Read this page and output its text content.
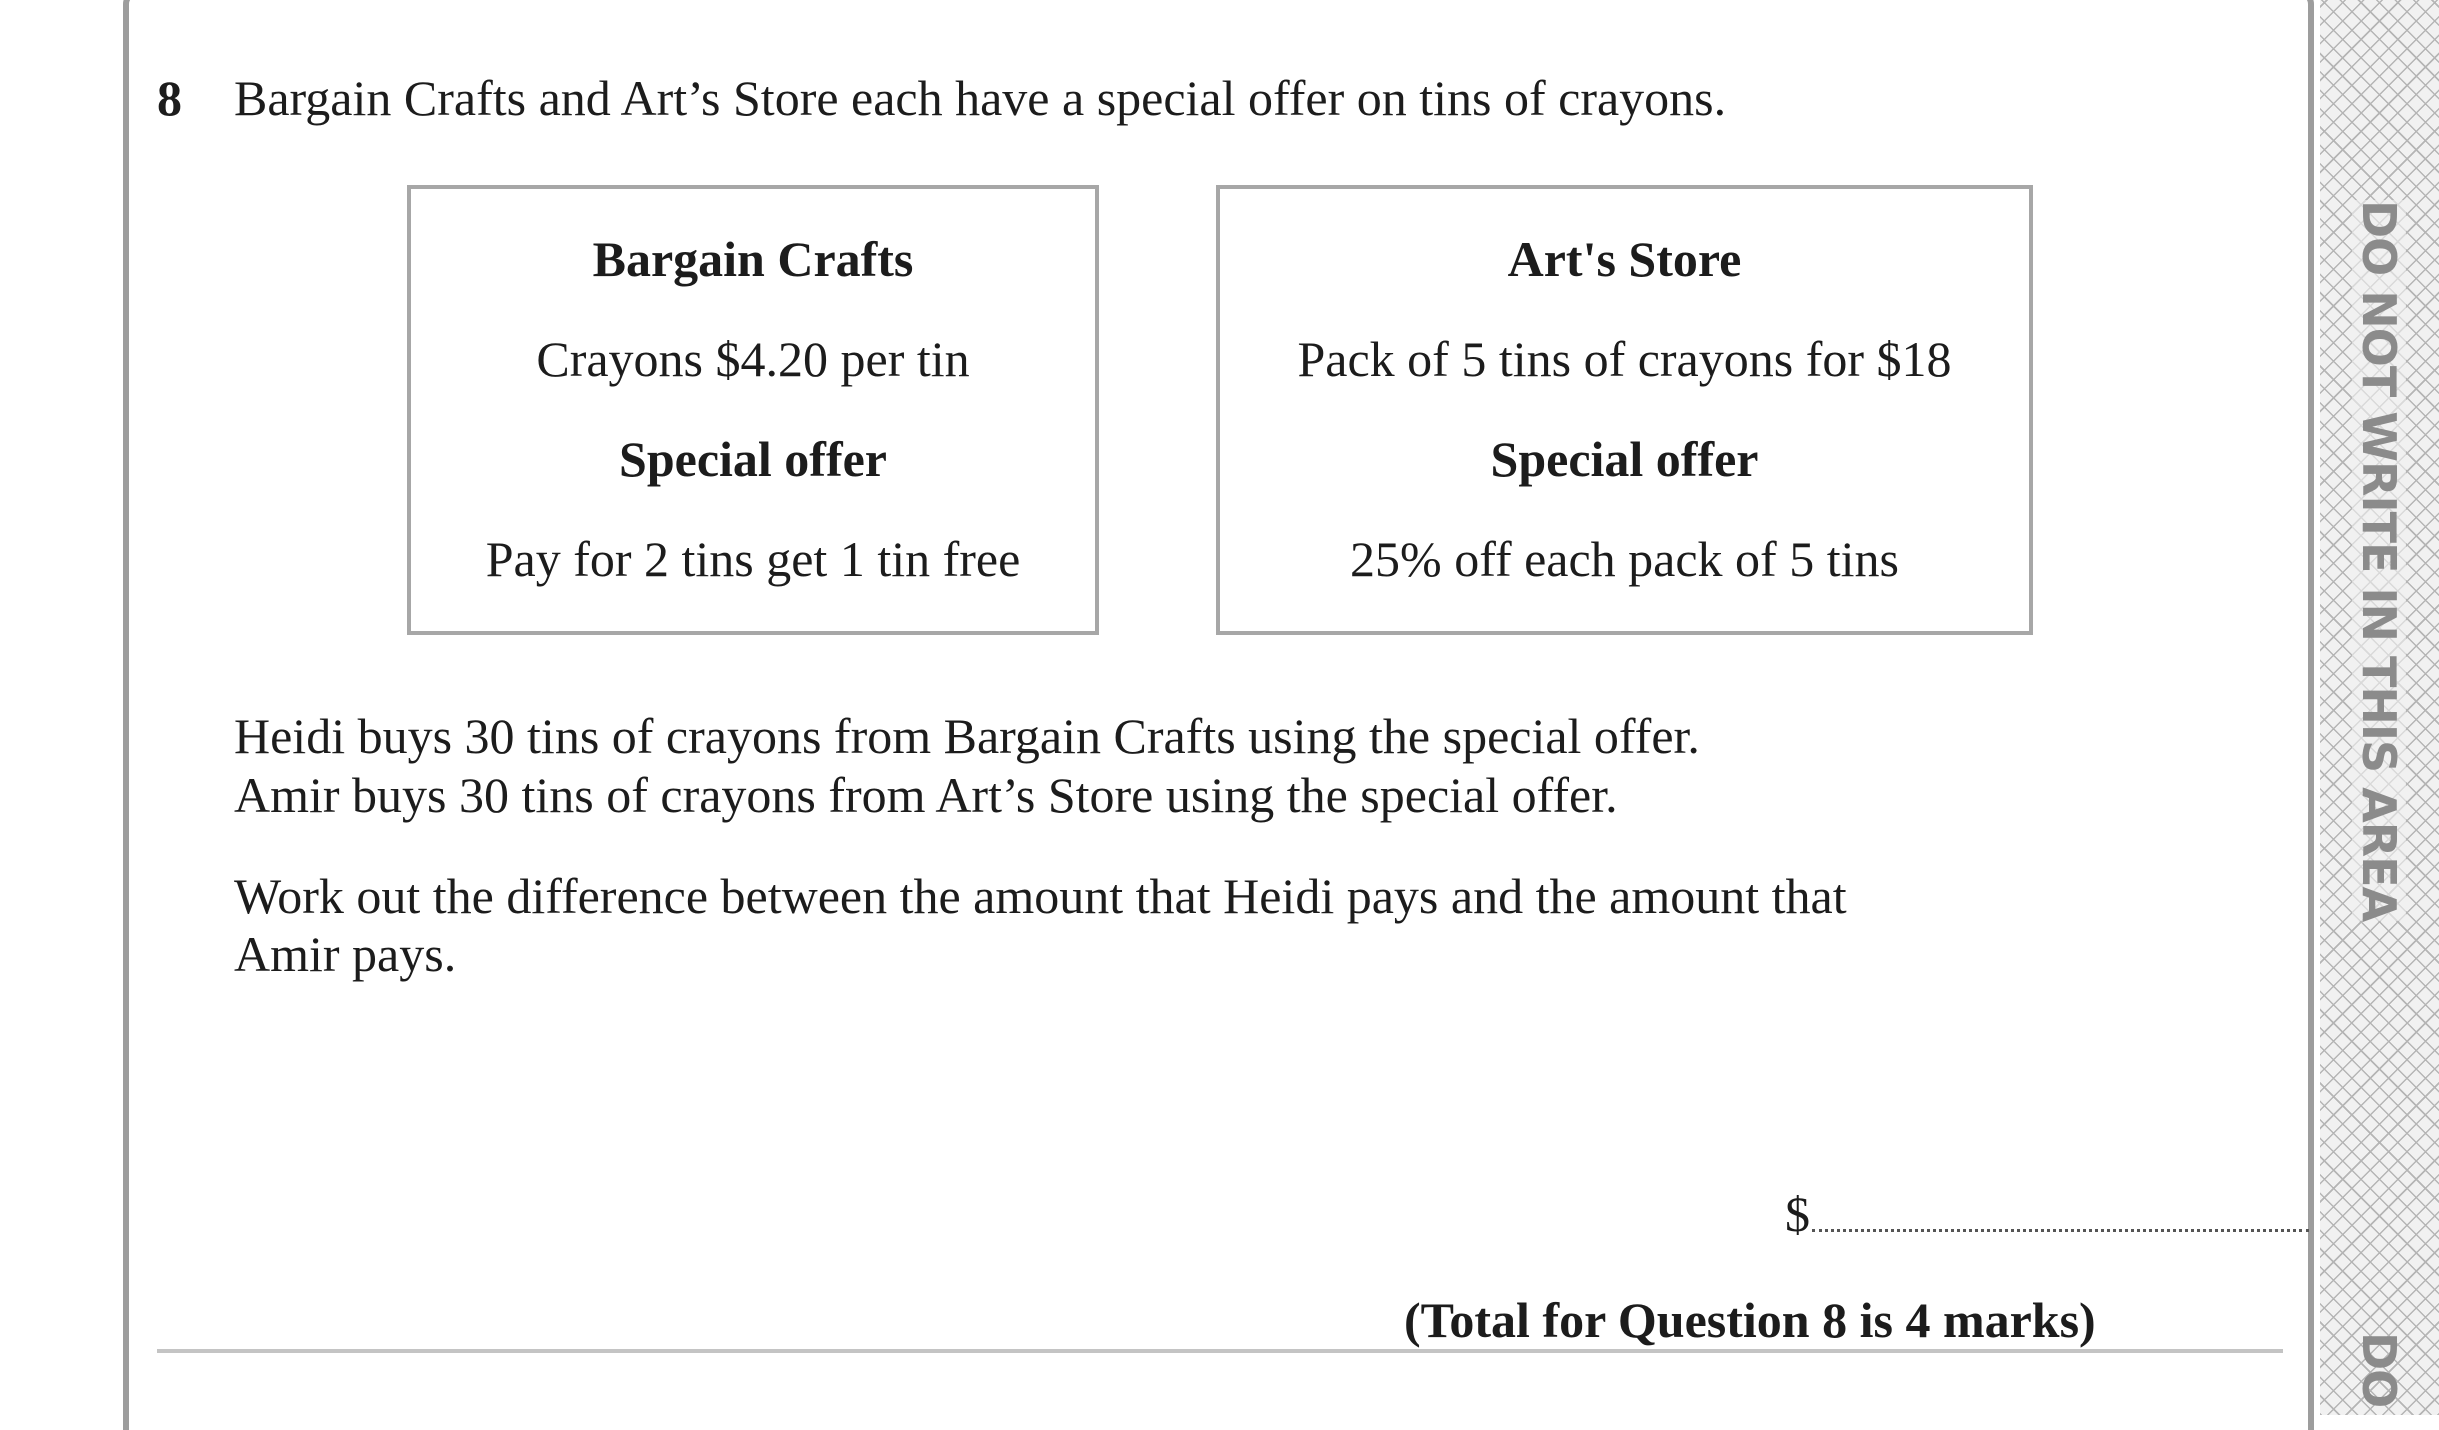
DO NOT WRITE IN THIS AREA
DO
8 Bargain Crafts and Art’s Store each have a special offer on tins of crayons.
Bargain Crafts
Crayons $4.20 per tin
Special offer
Pay for 2 tins get 1 tin free
Art's Store
Pack of 5 tins of crayons for $18
Special offer
25% off each pack of 5 tins
Heidi buys 30 tins of crayons from Bargain Crafts using the special offer.
Amir buys 30 tins of crayons from Art’s Store using the special offer.
Work out the difference between the amount that Heidi pays and the amount that
Amir pays.
$
(Total for Question 8 is 4 marks)
